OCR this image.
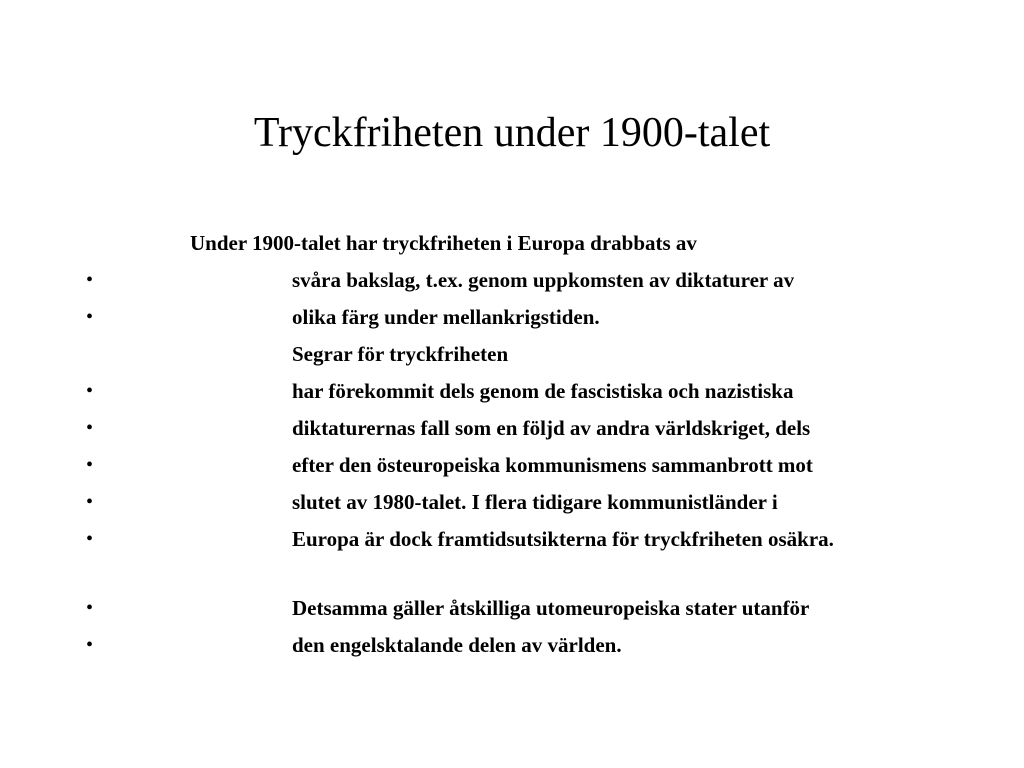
Tryckfriheten under 1900-talet
Under 1900-talet har tryckfriheten i Europa drabbats av
•	svåra bakslag, t.ex. genom uppkomsten av diktaturer av
•	olika färg under mellankrigstiden.
Segrar för tryckfriheten
•	har förekommit dels genom de fascistiska och nazistiska
•	diktaturernas fall som en följd av andra världskriget, dels
•	efter den östeuropeiska kommunismens sammanbrott mot
•	slutet av 1980-talet. I flera tidigare kommunistländer i
•	Europa är dock framtidsutsikterna för tryckfriheten osäkra.
•	Detsamma gäller åtskilliga utomeuropeiska stater utanför
•	den engelsktalande delen av världen.
